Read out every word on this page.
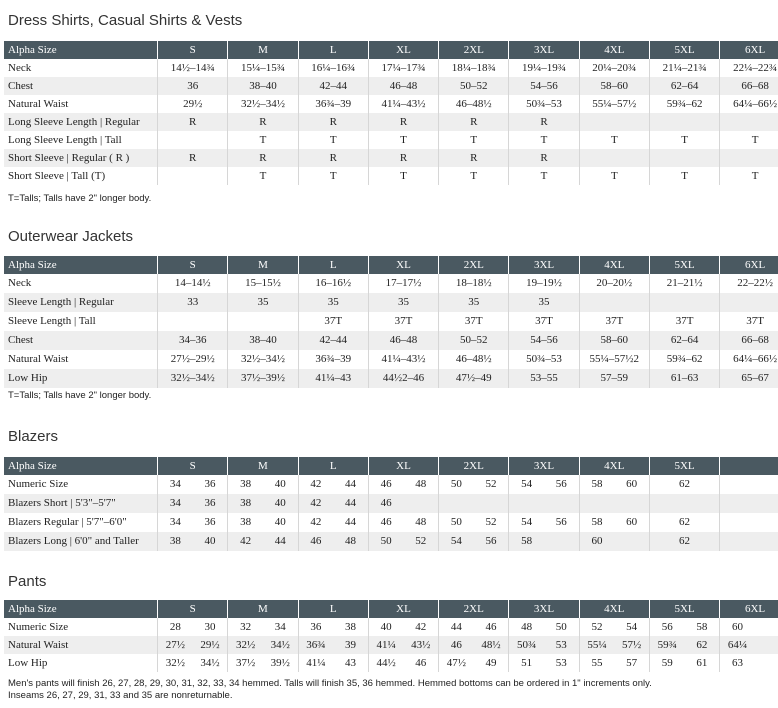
Dress Shirts, Casual Shirts & Vests
Alpha Size	S	M	L	XL	2XL	3XL	4XL	5XL	6XL
Neck	14½–14¾	15¼–15¾	16¼–16¾	17¼–17¾	18¼–18¾	19¼–19¾	20¼–20¾	21¼–21¾	22¼–22¾
Chest	36	38–40	42–44	46–48	50–52	54–56	58–60	62–64	66–68
Natural Waist	29½	32½–34½	36¾–39	41¼–43½	46–48½	50¾–53	55¼–57½	59¾–62	64¼–66½
Long Sleeve Length | Regular	R	R	R	R	R	R			
Long Sleeve Length | Tall		T	T	T	T	T	T	T	T
Short Sleeve | Regular ( R )	R	R	R	R	R	R			
Short Sleeve | Tall (T)		T	T	T	T	T	T	T	T
T=Talls; Talls have 2" longer body.
Outerwear Jackets
Alpha Size	S	M	L	XL	2XL	3XL	4XL	5XL	6XL
Neck	14–14½	15–15½	16–16½	17–17½	18–18½	19–19½	20–20½	21–21½	22–22½
Sleeve Length | Regular	33	35	35	35	35	35			
Sleeve Length | Tall			37T	37T	37T	37T	37T	37T	37T
Chest	34–36	38–40	42–44	46–48	50–52	54–56	58–60	62–64	66–68
Natural Waist	27½–29½	32½–34½	36¾–39	41¼–43½	46–48½	50¾–53	55¼–57½2	59¾–62	64¼–66½
Low Hip	32½–34½	37½–39½	41¼–43	44½2–46	47½–49	53–55	57–59	61–63	65–67
T=Talls; Talls have 2" longer body.
Blazers
Alpha Size	S		M		L		XL		2XL		3XL		4XL		5XL		
Numeric Size	34	36	38	40	42	44	46	48	50	52	54	56	58	60	62		
Blazers Short | 5'3"–5'7"	34	36	38	40	42	44	46										
Blazers Regular | 5'7"–6'0"	34	36	38	40	42	44	46	48	50	52	54	56	58	60	62		
Blazers Long | 6'0" and Taller	38	40	42	44	46	48	50	52	54	56	58		60		62		
Pants
Alpha Size	S		M		L		XL		2XL		3XL		4XL		5XL		6XL	
Numeric Size	28	30	32	34	36	38	40	42	44	46	48	50	52	54	56	58	60	
Natural Waist	27½	29½	32½	34½	36¾	39	41¼	43½	46	48½	50¾	53	55¼	57½	59¾	62	64¼	
Low Hip	32½	34½	37½	39½	41¼	43	44½	46	47½	49	51	53	55	57	59	61	63	
Men's pants will finish 26, 27, 28, 29, 30, 31, 32, 33, 34 hemmed. Talls will finish 35, 36 hemmed. Hemmed bottoms can be ordered in 1" increments only.
Inseams 26, 27, 29, 31, 33 and 35 are nonreturnable.
